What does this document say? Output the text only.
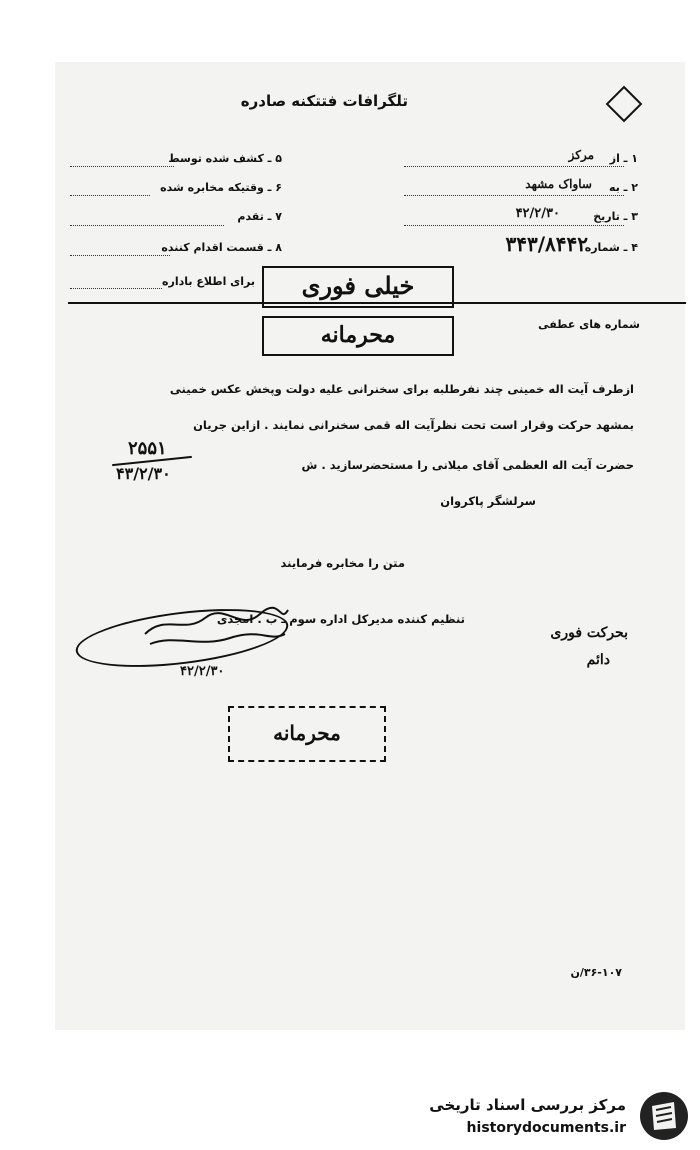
تلگرافات فتتکنه صادره
۱ ـ از
مرکز
۲ ـ به
ساواک مشهد
۳ ـ تاریخ
۴۲/۲/۳۰
۴ ـ شماره
۳۴۳/۸۴۴۲
۵ ـ کشف شده توسط
۶ ـ وقتیکه مخابره شده
۷ ـ تقدم
۸ ـ قسمت اقدام کننده
برای اطلاع باداره	خیلی فوری
محرمانه	شماره های عطفی
ازطرف آیت اله خمینی چند نفرطلبه برای سخنرانی علیه دولت وپخش عکس خمینی
بمشهد حرکت وقرار است تحت نظرآیت اله قمی سخنرانی نمایند . ازاین جریان
حضرت آیت اله العظمی آقای میلانی را مستحضرسازید . ش
سرلشگر پاکروان
۲۵۵۱
۴۳/۲/۳۰
متن را مخابره فرمایند
تنظیم کننده مدیرکل اداره سوم ـ ب . امجدی
۴۲/۲/۳۰
بحرکت فوری
دائم
محرمانه
۳۶-۱۰۷/ن
مرکز بررسی اسناد تاریخی
historydocuments.ir
